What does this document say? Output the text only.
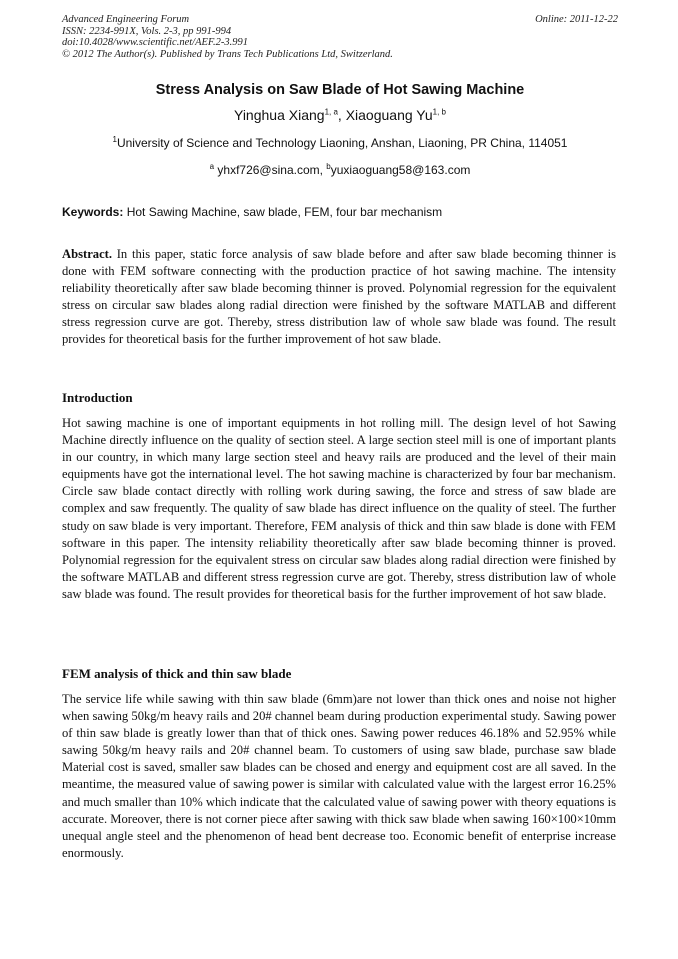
Advanced Engineering Forum	Online: 2011-12-22
ISSN: 2234-991X, Vols. 2-3, pp 991-994
doi:10.4028/www.scientific.net/AEF.2-3.991
© 2012 The Author(s). Published by Trans Tech Publications Ltd, Switzerland.
Stress Analysis on Saw Blade of Hot Sawing Machine
Yinghua Xiang$^{1, a}$, Xiaoguang Yu$^{1, b}$
$^1$University of Science and Technology Liaoning, Anshan, Liaoning, PR China, 114051
$^a$ yhxf726@sina.com, $^b$yuxiaoguang58@163.com
Keywords: Hot Sawing Machine, saw blade, FEM, four bar mechanism
Abstract. In this paper, static force analysis of saw blade before and after saw blade becoming thinner is done with FEM software connecting with the production practice of hot sawing machine. The intensity reliability theoretically after saw blade becoming thinner is proved. Polynomial regression for the equivalent stress on circular saw blades along radial direction were finished by the software MATLAB and different stress regression curve are got. Thereby, stress distribution law of whole saw blade was found. The result provides for theoretical basis for the further improvement of hot saw blade.
Introduction
Hot sawing machine is one of important equipments in hot rolling mill. The design level of hot Sawing Machine directly influence on the quality of section steel. A large section steel mill is one of important plants in our country, in which many large section steel and heavy rails are produced and the level of their main equipments have got the international level. The hot sawing machine is characterized by four bar mechanism. Circle saw blade contact directly with rolling work during sawing, the force and stress of saw blade are complex and saw frequently. The quality of saw blade has direct influence on the quality of steel. The further study on saw blade is very important. Therefore, FEM analysis of thick and thin saw blade is done with FEM software in this paper. The intensity reliability theoretically after saw blade becoming thinner is proved. Polynomial regression for the equivalent stress on circular saw blades along radial direction were finished by the software MATLAB and different stress regression curve are got. Thereby, stress distribution law of whole saw blade was found. The result provides for theoretical basis for the further improvement of hot saw blade.
FEM analysis of thick and thin saw blade
The service life while sawing with thin saw blade (6mm)are not lower than thick ones and noise not higher when sawing 50kg/m heavy rails and 20# channel beam during production experimental study. Sawing power of thin saw blade is greatly lower than that of thick ones. Sawing power reduces 46.18% and 52.95% while sawing 50kg/m heavy rails and 20# channel beam. To customers of using saw blade, purchase saw blade Material cost is saved, smaller saw blades can be chosed and energy and equipment cost are all saved. In the meantime, the measured value of sawing power is similar with calculated value with the largest error 16.25% and much smaller than 10% which indicate that the calculated value of sawing power with theory equations is accurate. Moreover, there is not corner piece after sawing with thick saw blade when sawing 160×100×10mm unequal angle steel and the phenomenon of head bent decrease too. Economic benefit of enterprise increase enormously.
